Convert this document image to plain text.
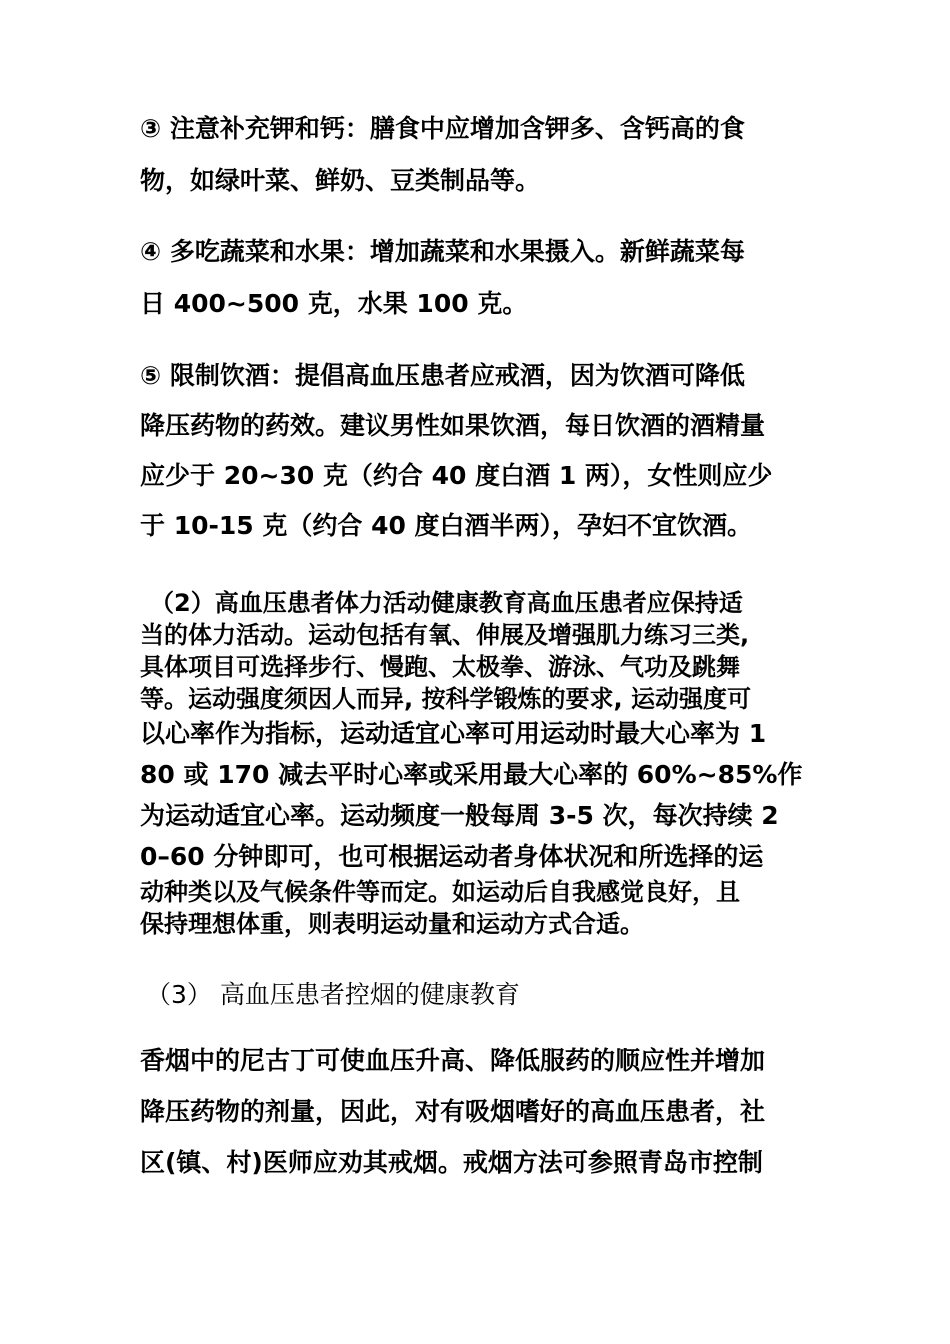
③ 注意补充钾和钙：膳食中应增加含钾多、含钙高的食
物，如绿叶菜、鲜奶、豆类制品等。
④ 多吃蔬菜和水果：增加蔬菜和水果摄入。新鲜蔬菜每
日 400~500 克，水果 100 克。
⑤ 限制饮酒：提倡高血压患者应戒酒，因为饮酒可降低
降压药物的药效。建议男性如果饮酒，每日饮酒的酒精量
应少于 20~30 克（约合 40 度白酒 1 两），女性则应少
于 10-15 克（约合 40 度白酒半两），孕妇不宜饮酒。
（2）高血压患者体力活动健康教育高血压患者应保持适
当的体力活动。运动包括有氧、伸展及增强肌力练习三类,
具体项目可选择步行、慢跑、太极拳、游泳、气功及跳舞
等。运动强度须因人而异, 按科学锻炼的要求, 运动强度可
以心率作为指标，运动适宜心率可用运动时最大心率为 1
80 或 170 减去平时心率或采用最大心率的 60%~85%作
为运动适宜心率。运动频度一般每周 3-5 次，每次持续 2
0–60 分钟即可，也可根据运动者身体状况和所选择的运
动种类以及气候条件等而定。如运动后自我感觉良好，且
保持理想体重，则表明运动量和运动方式合适。
（3） 高血压患者控烟的健康教育
香烟中的尼古丁可使血压升高、降低服药的顺应性并增加
降压药物的剂量，因此，对有吸烟嗜好的高血压患者，社
区(镇、村)医师应劝其戒烟。戒烟方法可参照青岛市控制
